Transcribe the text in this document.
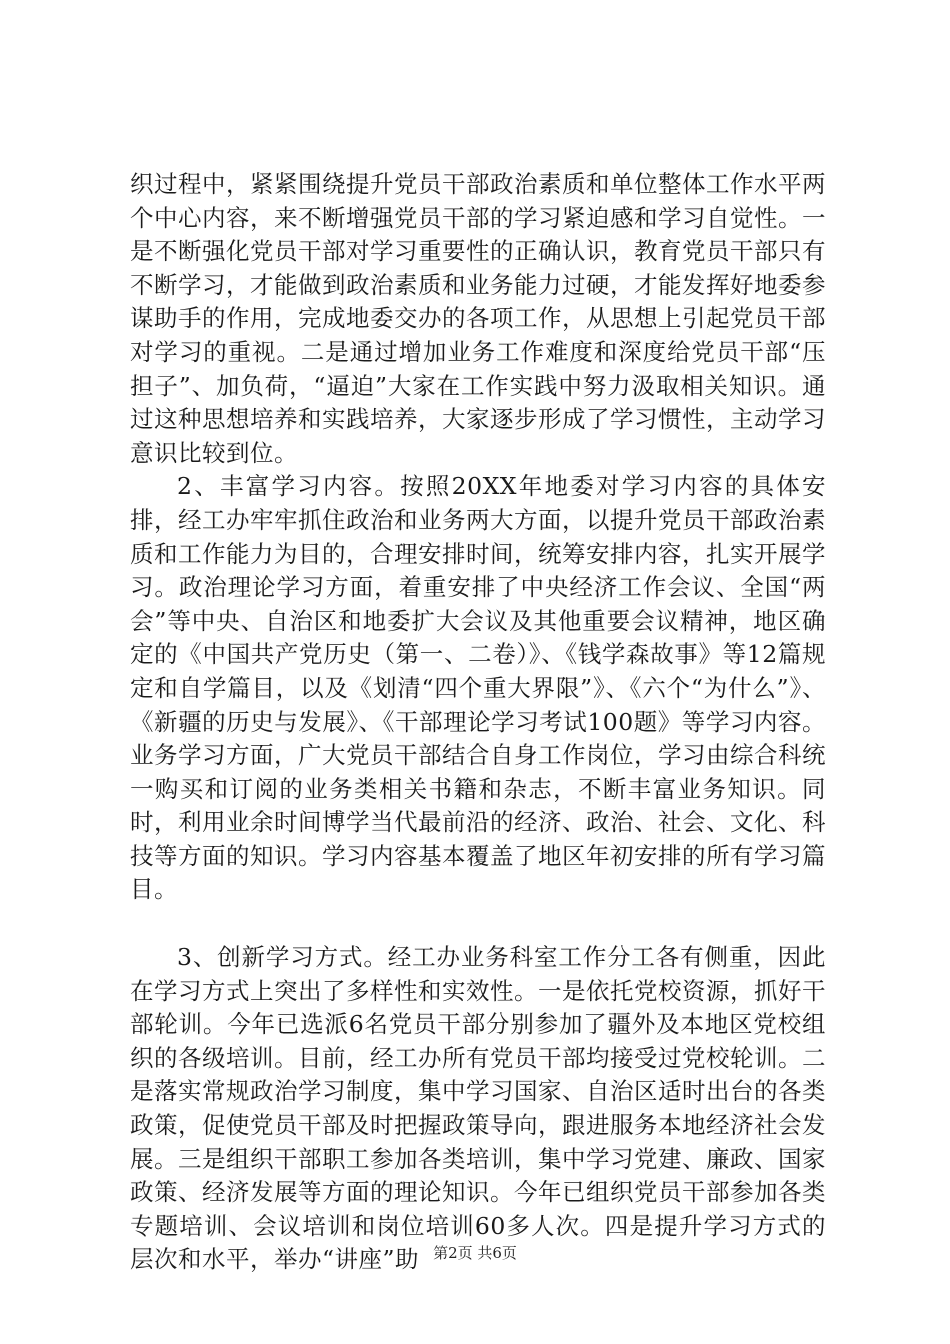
织过程中，紧紧围绕提升党员干部政治素质和单位整体工作水平两个中心内容，来不断增强党员干部的学习紧迫感和学习自觉性。一是不断强化党员干部对学习重要性的正确认识，教育党员干部只有不断学习，才能做到政治素质和业务能力过硬，才能发挥好地委参谋助手的作用，完成地委交办的各项工作，从思想上引起党员干部对学习的重视。二是通过增加业务工作难度和深度给党员干部“压担子”、加负荷，“逼迫”大家在工作实践中努力汲取相关知识。通过这种思想培养和实践培养，大家逐步形成了学习惯性，主动学习意识比较到位。

2、丰富学习内容。按照20XX年地委对学习内容的具体安排，经工办牢牢抓住政治和业务两大方面，以提升党员干部政治素质和工作能力为目的，合理安排时间，统筹安排内容，扎实开展学习。政治理论学习方面，着重安排了中央经济工作会议、全国“两会”等中央、自治区和地委扩大会议及其他重要会议精神，地区确定的《中国共产党历史（第一、二卷）》、《钱学森故事》等12篇规定和自学篇目，以及《划清“四个重大界限”》、《六个“为什么”》、《新疆的历史与发展》、《干部理论学习考试100题》等学习内容。业务学习方面，广大党员干部结合自身工作岗位，学习由综合科统一购买和订阅的业务类相关书籍和杂志，不断丰富业务知识。同时，利用业余时间博学当代最前沿的经济、政治、社会、文化、科技等方面的知识。学习内容基本覆盖了地区年初安排的所有学习篇目。

3、创新学习方式。经工办业务科室工作分工各有侧重，因此在学习方式上突出了多样性和实效性。一是依托党校资源，抓好干部轮训。今年已选派6名党员干部分别参加了疆外及本地区党校组织的各级培训。目前，经工办所有党员干部均接受过党校轮训。二是落实常规政治学习制度，集中学习国家、自治区适时出台的各类政策，促使党员干部及时把握政策导向，跟进服务本地经济社会发展。三是组织干部职工参加各类培训，集中学习党建、廉政、国家政策、经济发展等方面的理论知识。今年已组织党员干部参加各类专题培训、会议培训和岗位培训60多人次。四是提升学习方式的层次和水平，举办“讲座”助 第2页 共6页
